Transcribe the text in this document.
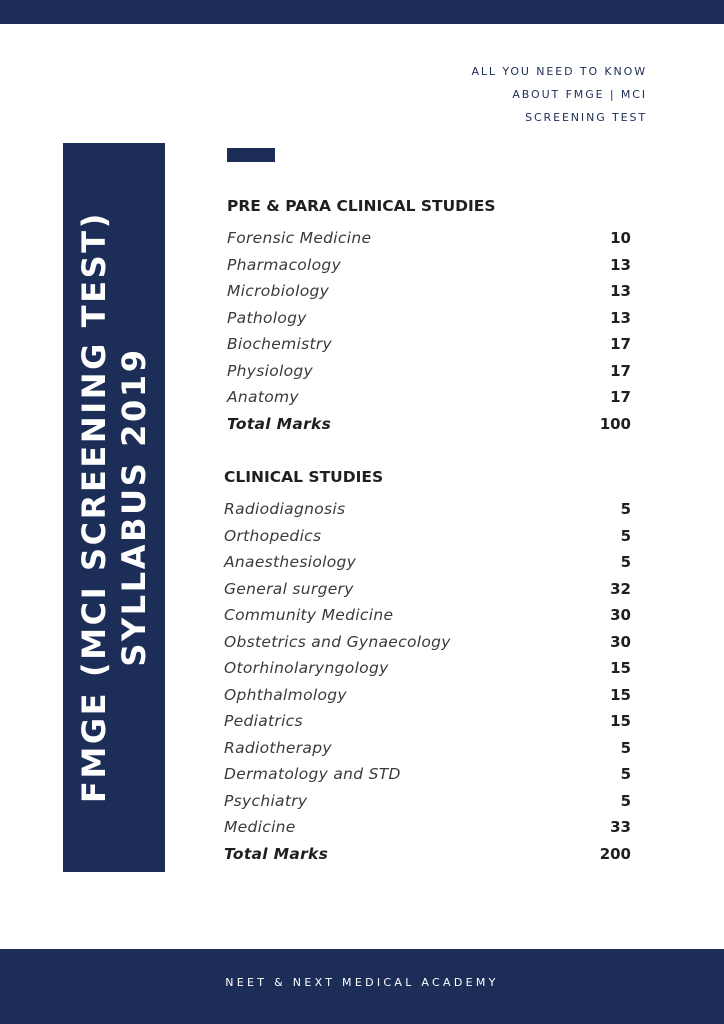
ALL YOU NEED TO KNOW
ABOUT FMGE | MCI
SCREENING TEST
FMGE (MCI SCREENING TEST) SYLLABUS 2019
PRE & PARA CLINICAL STUDIES
Forensic Medicine	10
Pharmacology	13
Microbiology	13
Pathology	13
Biochemistry	17
Physiology	17
Anatomy	17
Total Marks	100
CLINICAL STUDIES
Radiodiagnosis	5
Orthopedics	5
Anaesthesiology	5
General surgery	32
Community Medicine	30
Obstetrics and Gynaecology	30
Otorhinolaryngology	15
Ophthalmology	15
Pediatrics	15
Radiotherapy	5
Dermatology and STD	5
Psychiatry	5
Medicine	33
Total Marks	200
NEET & NEXT MEDICAL ACADEMY
